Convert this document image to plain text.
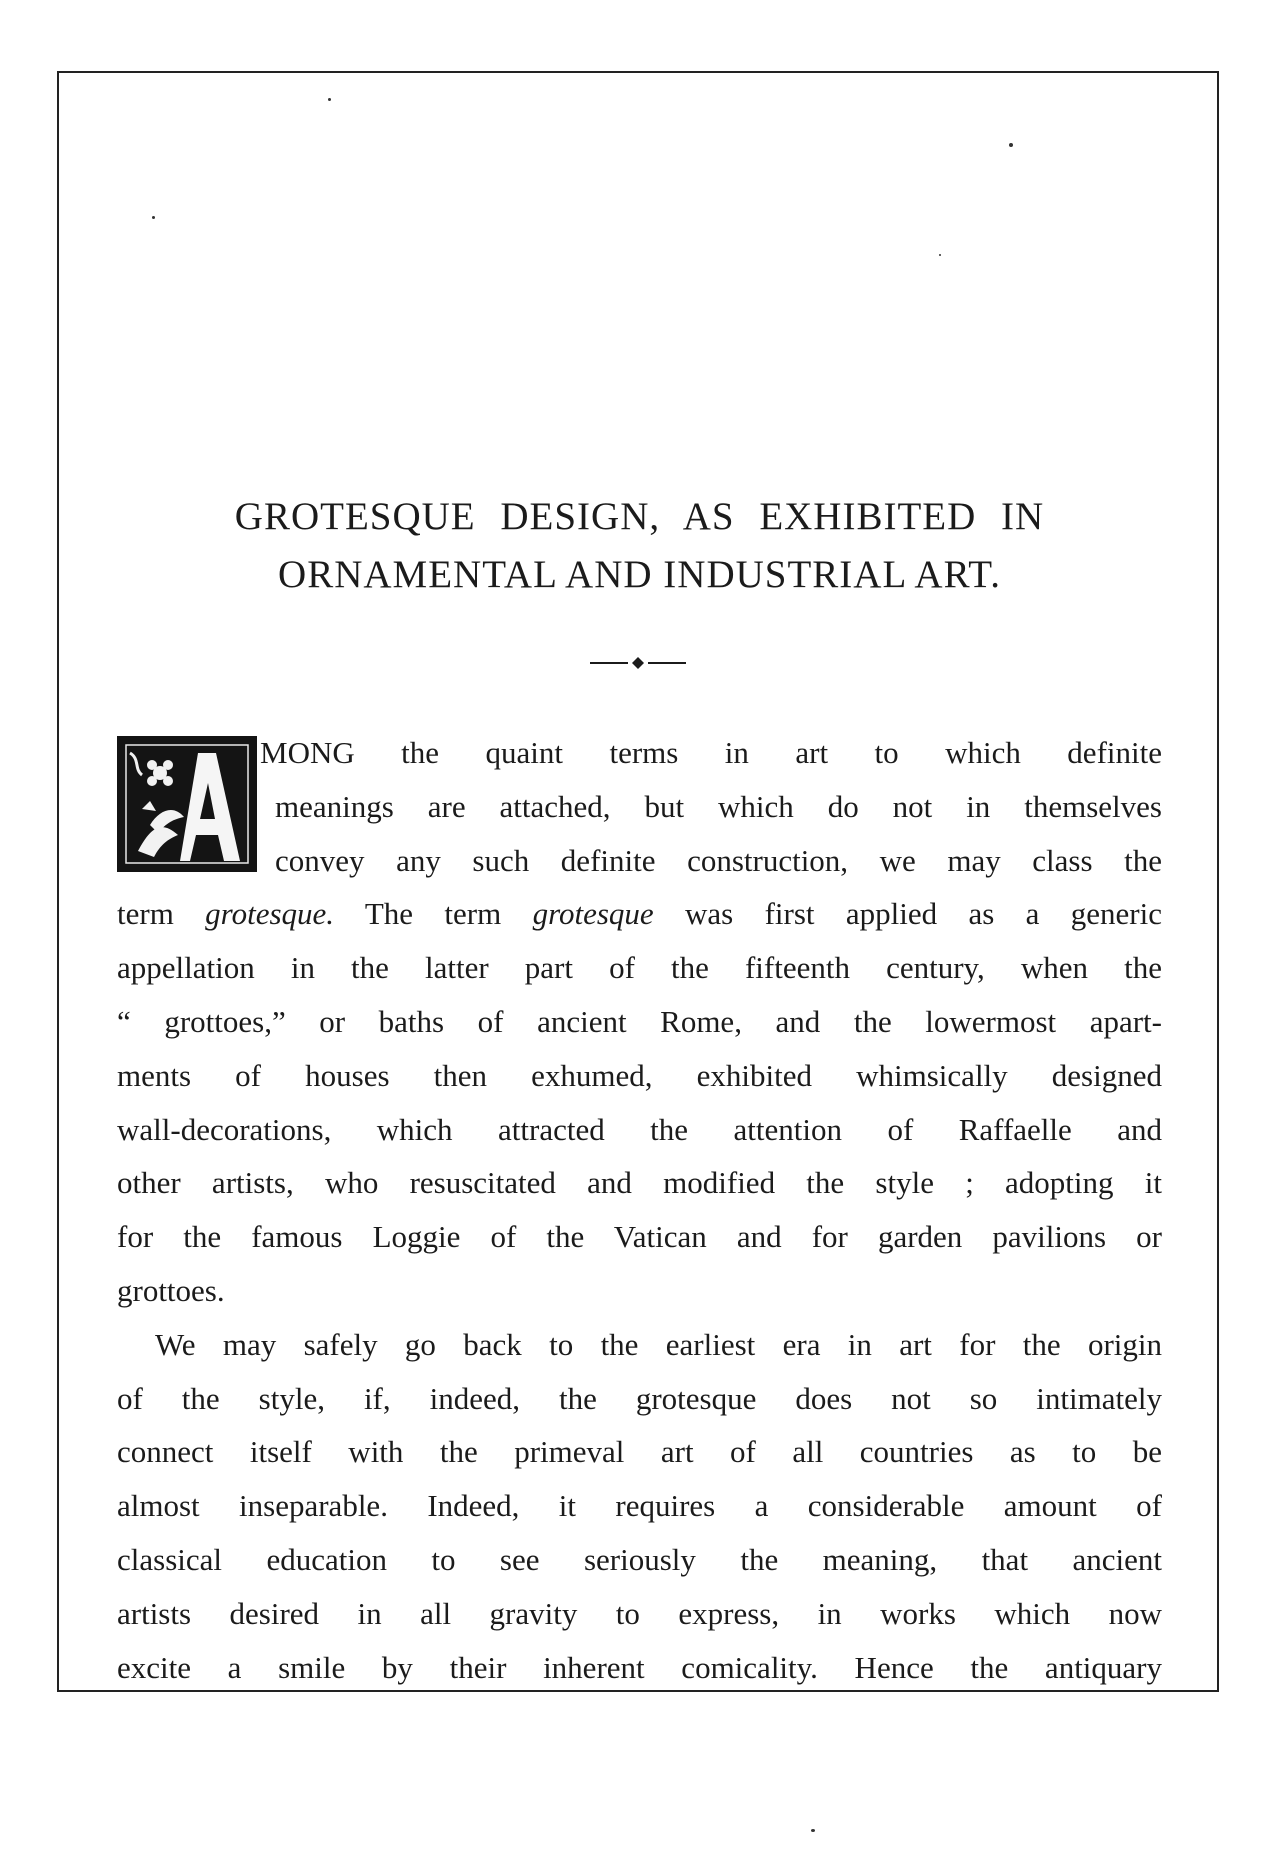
GROTESQUE DESIGN, AS EXHIBITED IN
ORNAMENTAL AND INDUSTRIAL ART.
MONG the quaint terms in art to which definite
meanings are attached, but which do not in themselves
convey any such definite construction, we may class the
term grotesque. The term grotesque was first applied as a generic
appellation in the latter part of the fifteenth century, when the
“ grottoes,” or baths of ancient Rome, and the lowermost apart-
ments of houses then exhumed, exhibited whimsically designed
wall-decorations, which attracted the attention of Raffaelle and
other artists, who resuscitated and modified the style ; adopting it
for the famous Loggie of the Vatican and for garden pavilions or
grottoes.
We may safely go back to the earliest era in art for the origin
of the style, if, indeed, the grotesque does not so intimately
connect itself with the primeval art of all countries as to be
almost inseparable. Indeed, it requires a considerable amount of
classical education to see seriously the meaning, that ancient
artists desired in all gravity to express, in works which now
excite a smile by their inherent comicality. Hence the antiquary
